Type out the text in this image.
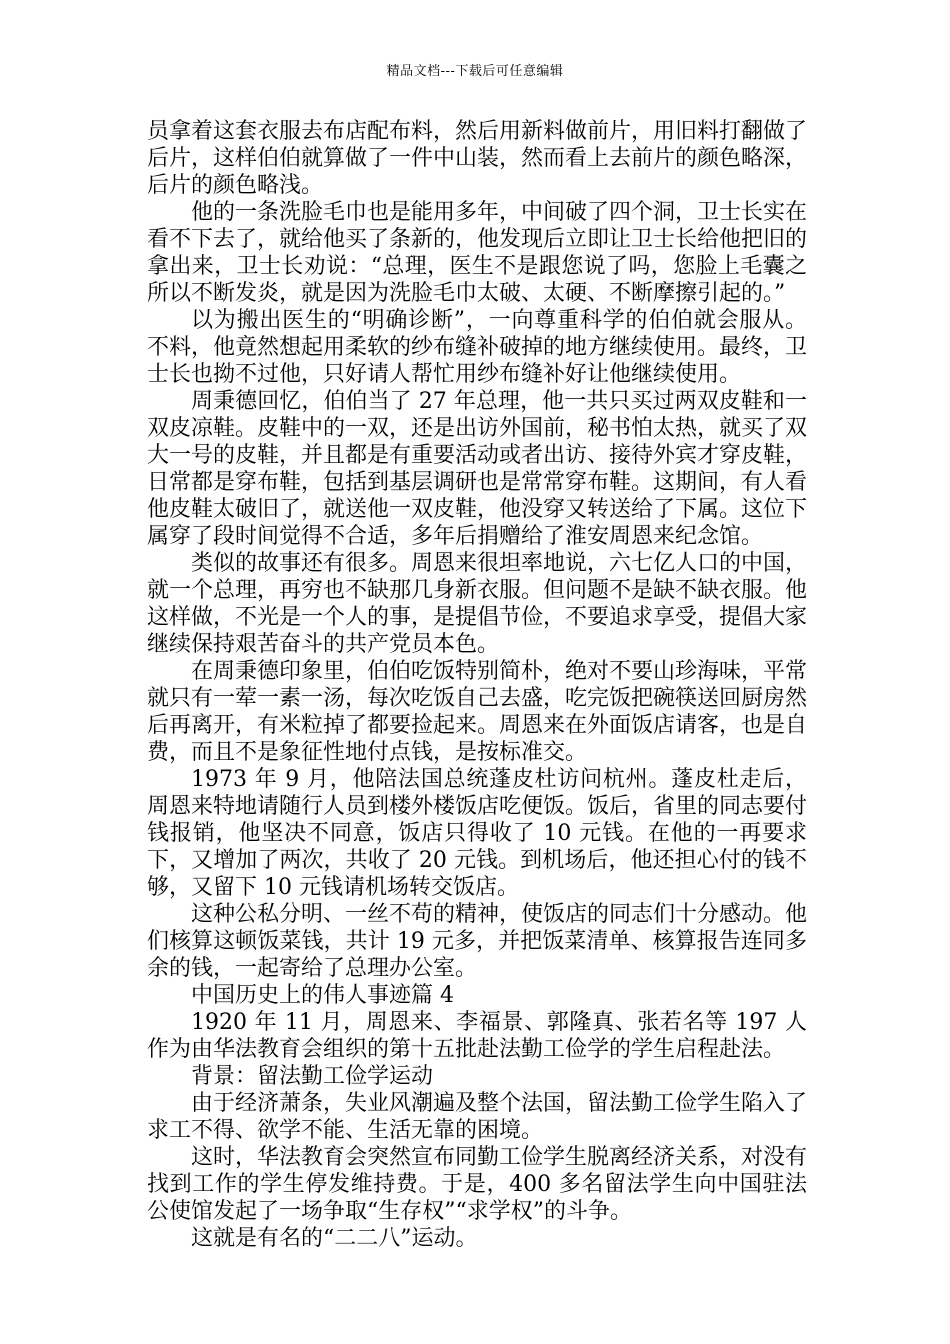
精品文档---下载后可任意编辑

员拿着这套衣服去布店配布料，然后用新料做前片，用旧料打翻做了后片，这样伯伯就算做了一件中山装，然而看上去前片的颜色略深，后片的颜色略浅。

他的一条洗脸毛巾也是能用多年，中间破了四个洞，卫士长实在看不下去了，就给他买了条新的，他发现后立即让卫士长给他把旧的拿出来，卫士长劝说：“总理，医生不是跟您说了吗，您脸上毛囊之所以不断发炎，就是因为洗脸毛巾太破、太硬、不断摩擦引起的。”

以为搬出医生的“明确诊断”，一向尊重科学的伯伯就会服从。不料，他竟然想起用柔软的纱布缝补破掉的地方继续使用。最终，卫士长也拗不过他，只好请人帮忙用纱布缝补好让他继续使用。

周秉德回忆，伯伯当了 27 年总理，他一共只买过两双皮鞋和一双皮凉鞋。皮鞋中的一双，还是出访外国前，秘书怕太热，就买了双大一号的皮鞋，并且都是有重要活动或者出访、接待外宾才穿皮鞋，日常都是穿布鞋，包括到基层调研也是常常穿布鞋。这期间，有人看他皮鞋太破旧了，就送他一双皮鞋，他没穿又转送给了下属。这位下属穿了段时间觉得不合适，多年后捐赠给了淮安周恩来纪念馆。

类似的故事还有很多。周恩来很坦率地说，六七亿人口的中国，就一个总理，再穷也不缺那几身新衣服。但问题不是缺不缺衣服。他这样做，不光是一个人的事，是提倡节俭，不要追求享受，提倡大家继续保持艰苦奋斗的共产党员本色。

在周秉德印象里，伯伯吃饭特别简朴，绝对不要山珍海味，平常就只有一荤一素一汤，每次吃饭自己去盛，吃完饭把碗筷送回厨房然后再离开，有米粒掉了都要捡起来。周恩来在外面饭店请客，也是自费，而且不是象征性地付点钱，是按标准交。

1973 年 9 月，他陪法国总统蓬皮杜访问杭州。蓬皮杜走后，周恩来特地请随行人员到楼外楼饭店吃便饭。饭后，省里的同志要付钱报销，他坚决不同意，饭店只得收了 10 元钱。在他的一再要求下，又增加了两次，共收了 20 元钱。到机场后，他还担心付的钱不够，又留下 10 元钱请机场转交饭店。

这种公私分明、一丝不苟的精神，使饭店的同志们十分感动。他们核算这顿饭菜钱，共计 19 元多，并把饭菜清单、核算报告连同多余的钱，一起寄给了总理办公室。

中国历史上的伟人事迹篇 4

1920 年 11 月，周恩来、李福景、郭隆真、张若名等 197 人作为由华法教育会组织的第十五批赴法勤工俭学的学生启程赴法。

背景：留法勤工俭学运动

由于经济萧条，失业风潮遍及整个法国，留法勤工俭学生陷入了求工不得、欲学不能、生活无靠的困境。

这时，华法教育会突然宣布同勤工俭学生脱离经济关系，对没有找到工作的学生停发维持费。于是，400 多名留法学生向中国驻法公使馆发起了一场争取“生存权”“求学权”的斗争。

这就是有名的“二二八”运动。
